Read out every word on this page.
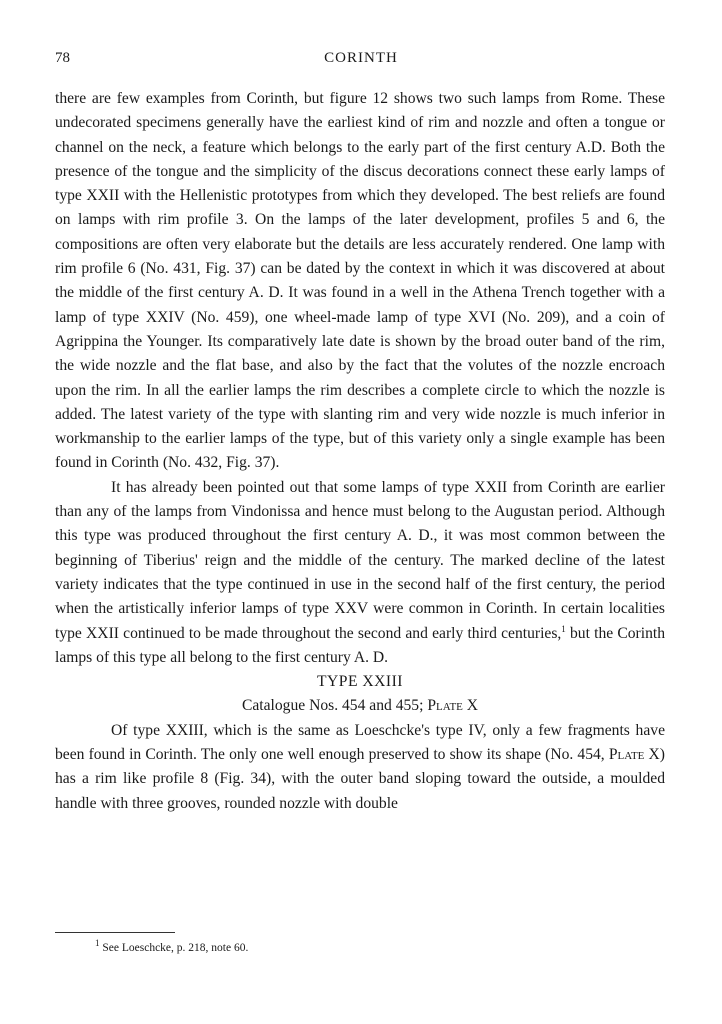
78	CORINTH

there are few examples from Corinth, but figure 12 shows two such lamps from Rome. These undecorated specimens generally have the earliest kind of rim and nozzle and often a tongue or channel on the neck, a feature which belongs to the early part of the first century A.D. Both the presence of the tongue and the simplicity of the discus decorations connect these early lamps of type XXII with the Hellenistic prototypes from which they developed. The best reliefs are found on lamps with rim profile 3. On the lamps of the later development, profiles 5 and 6, the compositions are often very elaborate but the details are less accurately rendered. One lamp with rim profile 6 (No. 431, Fig. 37) can be dated by the context in which it was discovered at about the middle of the first century A. D. It was found in a well in the Athena Trench together with a lamp of type XXIV (No. 459), one wheel-made lamp of type XVI (No. 209), and a coin of Agrippina the Younger. Its comparatively late date is shown by the broad outer band of the rim, the wide nozzle and the flat base, and also by the fact that the volutes of the nozzle encroach upon the rim. In all the earlier lamps the rim describes a complete circle to which the nozzle is added. The latest variety of the type with slanting rim and very wide nozzle is much inferior in workmanship to the earlier lamps of the type, but of this variety only a single example has been found in Corinth (No. 432, Fig. 37).

It has already been pointed out that some lamps of type XXII from Corinth are earlier than any of the lamps from Vindonissa and hence must belong to the Augustan period. Although this type was produced throughout the first century A. D., it was most common between the beginning of Tiberius' reign and the middle of the century. The marked decline of the latest variety indicates that the type continued in use in the second half of the first century, the period when the artistically inferior lamps of type XXV were common in Corinth. In certain localities type XXII continued to be made throughout the second and early third centuries,$^1$ but the Corinth lamps of this type all belong to the first century A. D.

TYPE XXIII

Catalogue Nos. 454 and 455; Plate X

Of type XXIII, which is the same as Loeschcke's type IV, only a few fragments have been found in Corinth. The only one well enough preserved to show its shape (No. 454, Plate X) has a rim like profile 8 (Fig. 34), with the outer band sloping toward the outside, a moulded handle with three grooves, rounded nozzle with double

$^1$ See Loeschcke, p. 218, note 60.
